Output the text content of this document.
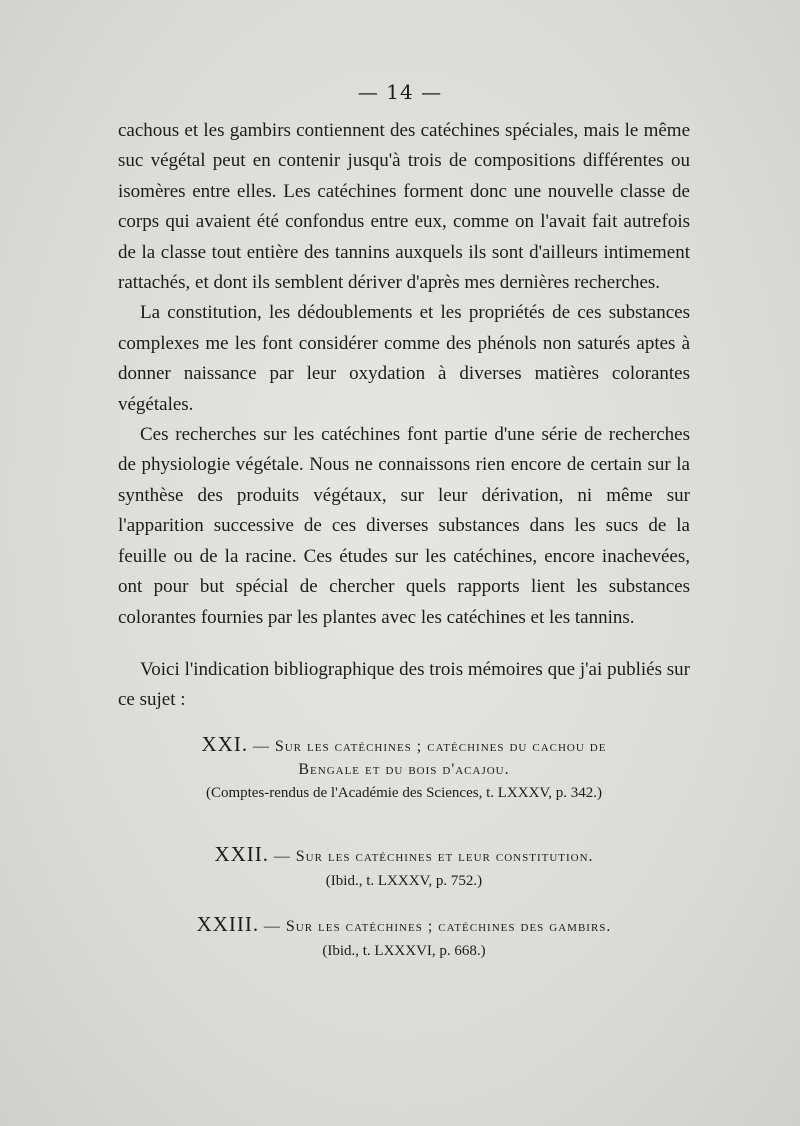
— 14 —

cachous et les gambirs contiennent des catéchines spéciales, mais le même suc végétal peut en contenir jusqu'à trois de compositions différentes ou isomères entre elles. Les catéchines forment donc une nouvelle classe de corps qui avaient été confondus entre eux, comme on l'avait fait autrefois de la classe tout entière des tannins auxquels ils sont d'ailleurs intimement rattachés, et dont ils semblent dériver d'après mes dernières recherches.

La constitution, les dédoublements et les propriétés de ces substances complexes me les font considérer comme des phénols non saturés aptes à donner naissance par leur oxydation à diverses matières colorantes végétales.

Ces recherches sur les catéchines font partie d'une série de recherches de physiologie végétale. Nous ne connaissons rien encore de certain sur la synthèse des produits végétaux, sur leur dérivation, ni même sur l'apparition successive de ces diverses substances dans les sucs de la feuille ou de la racine. Ces études sur les catéchines, encore inachevées, ont pour but spécial de chercher quels rapports lient les substances colorantes fournies par les plantes avec les catéchines et les tannins.

Voici l'indication bibliographique des trois mémoires que j'ai publiés sur ce sujet :

XXI. — Sur les catéchines ; catéchines du cachou de
Bengale et du bois d'acajou.
(Comptes-rendus de l'Académie des Sciences, t. LXXXV, p. 342.)
XXII. — Sur les catéchines et leur constitution.
(Ibid., t. LXXXV, p. 752.)
XXIII. — Sur les catéchines ; catéchines des gambirs.
(Ibid., t. LXXXVI, p. 668.)
